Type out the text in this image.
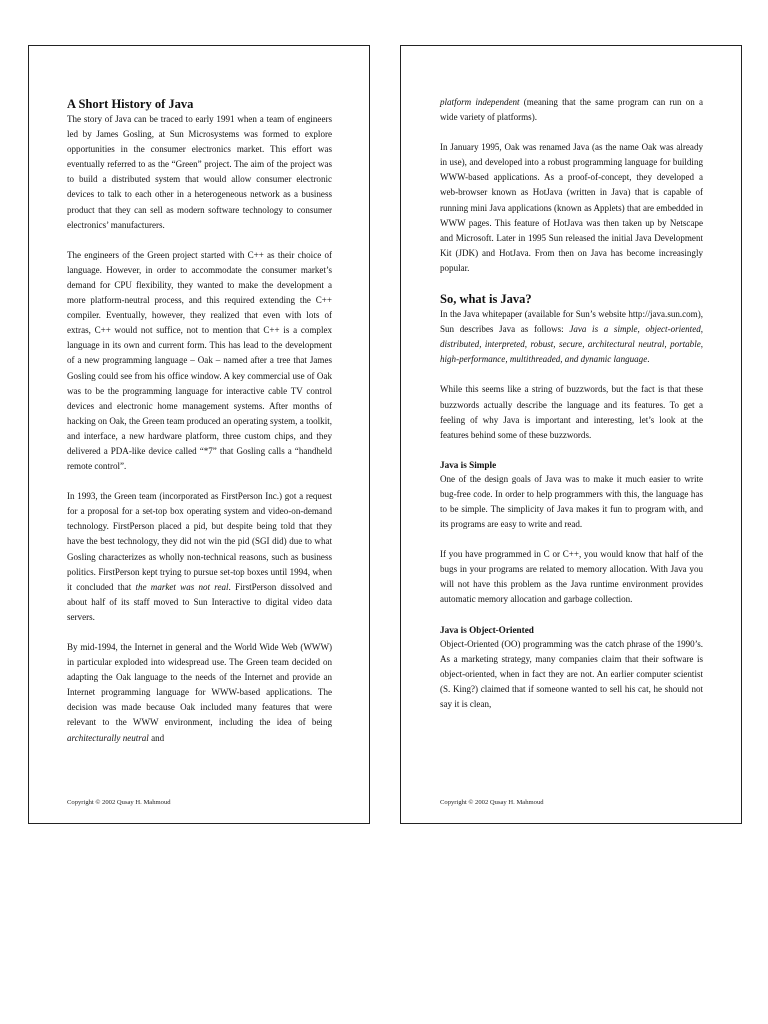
A Short History of Java

The story of Java can be traced to early 1991 when a team of engineers led by James Gosling, at Sun Microsystems was formed to explore opportunities in the consumer electronics market. This effort was eventually referred to as the “Green” project. The aim of the project was to build a distributed system that would allow consumer electronic devices to talk to each other in a heterogeneous network as a business product that they can sell as modern software technology to consumer electronics’ manufacturers.

The engineers of the Green project started with C++ as their choice of language. However, in order to accommodate the consumer market’s demand for CPU flexibility, they wanted to make the development a more platform-neutral process, and this required extending the C++ compiler. Eventually, however, they realized that even with lots of extras, C++ would not suffice, not to mention that C++ is a complex language in its own and current form. This has lead to the development of a new programming language – Oak – named after a tree that James Gosling could see from his office window. A key commercial use of Oak was to be the programming language for interactive cable TV control devices and electronic home management systems. After months of hacking on Oak, the Green team produced an operating system, a toolkit, and interface, a new hardware platform, three custom chips, and they delivered a PDA-like device called “*7” that Gosling calls a “handheld remote control”.

In 1993, the Green team (incorporated as FirstPerson Inc.) got a request for a proposal for a set-top box operating system and video-on-demand technology. FirstPerson placed a pid, but despite being told that they have the best technology, they did not win the pid (SGI did) due to what Gosling characterizes as wholly non-technical reasons, such as business politics. FirstPerson kept trying to pursue set-top boxes until 1994, when it concluded that the market was not real. FirstPerson dissolved and about half of its staff moved to Sun Interactive to digital video data servers.

By mid-1994, the Internet in general and the World Wide Web (WWW) in particular exploded into widespread use. The Green team decided on adapting the Oak language to the needs of the Internet and provide an Internet programming language for WWW-based applications. The decision was made because Oak included many features that were relevant to the WWW environment, including the idea of being architecturally neutral and

Copyright © 2002 Qusay H. Mahmoud

platform independent (meaning that the same program can run on a wide variety of platforms).

In January 1995, Oak was renamed Java (as the name Oak was already in use), and developed into a robust programming language for building WWW-based applications. As a proof-of-concept, they developed a web-browser known as HotJava (written in Java) that is capable of running mini Java applications (known as Applets) that are embedded in WWW pages. This feature of HotJava was then taken up by Netscape and Microsoft. Later in 1995 Sun released the initial Java Development Kit (JDK) and HotJava. From then on Java has become increasingly popular.

So, what is Java?

In the Java whitepaper (available for Sun’s website http://java.sun.com), Sun describes Java as follows: Java is a simple, object-oriented, distributed, interpreted, robust, secure, architectural neutral, portable, high-performance, multithreaded, and dynamic language.

While this seems like a string of buzzwords, but the fact is that these buzzwords actually describe the language and its features. To get a feeling of why Java is important and interesting, let’s look at the features behind some of these buzzwords.

Java is Simple

One of the design goals of Java was to make it much easier to write bug-free code. In order to help programmers with this, the language has to be simple. The simplicity of Java makes it fun to program with, and its programs are easy to write and read.

If you have programmed in C or C++, you would know that half of the bugs in your programs are related to memory allocation. With Java you will not have this problem as the Java runtime environment provides automatic memory allocation and garbage collection.

Java is Object-Oriented

Object-Oriented (OO) programming was the catch phrase of the 1990’s. As a marketing strategy, many companies claim that their software is object-oriented, when in fact they are not. An earlier computer scientist (S. King?) claimed that if someone wanted to sell his cat, he should not say it is clean,

Copyright © 2002 Qusay H. Mahmoud
